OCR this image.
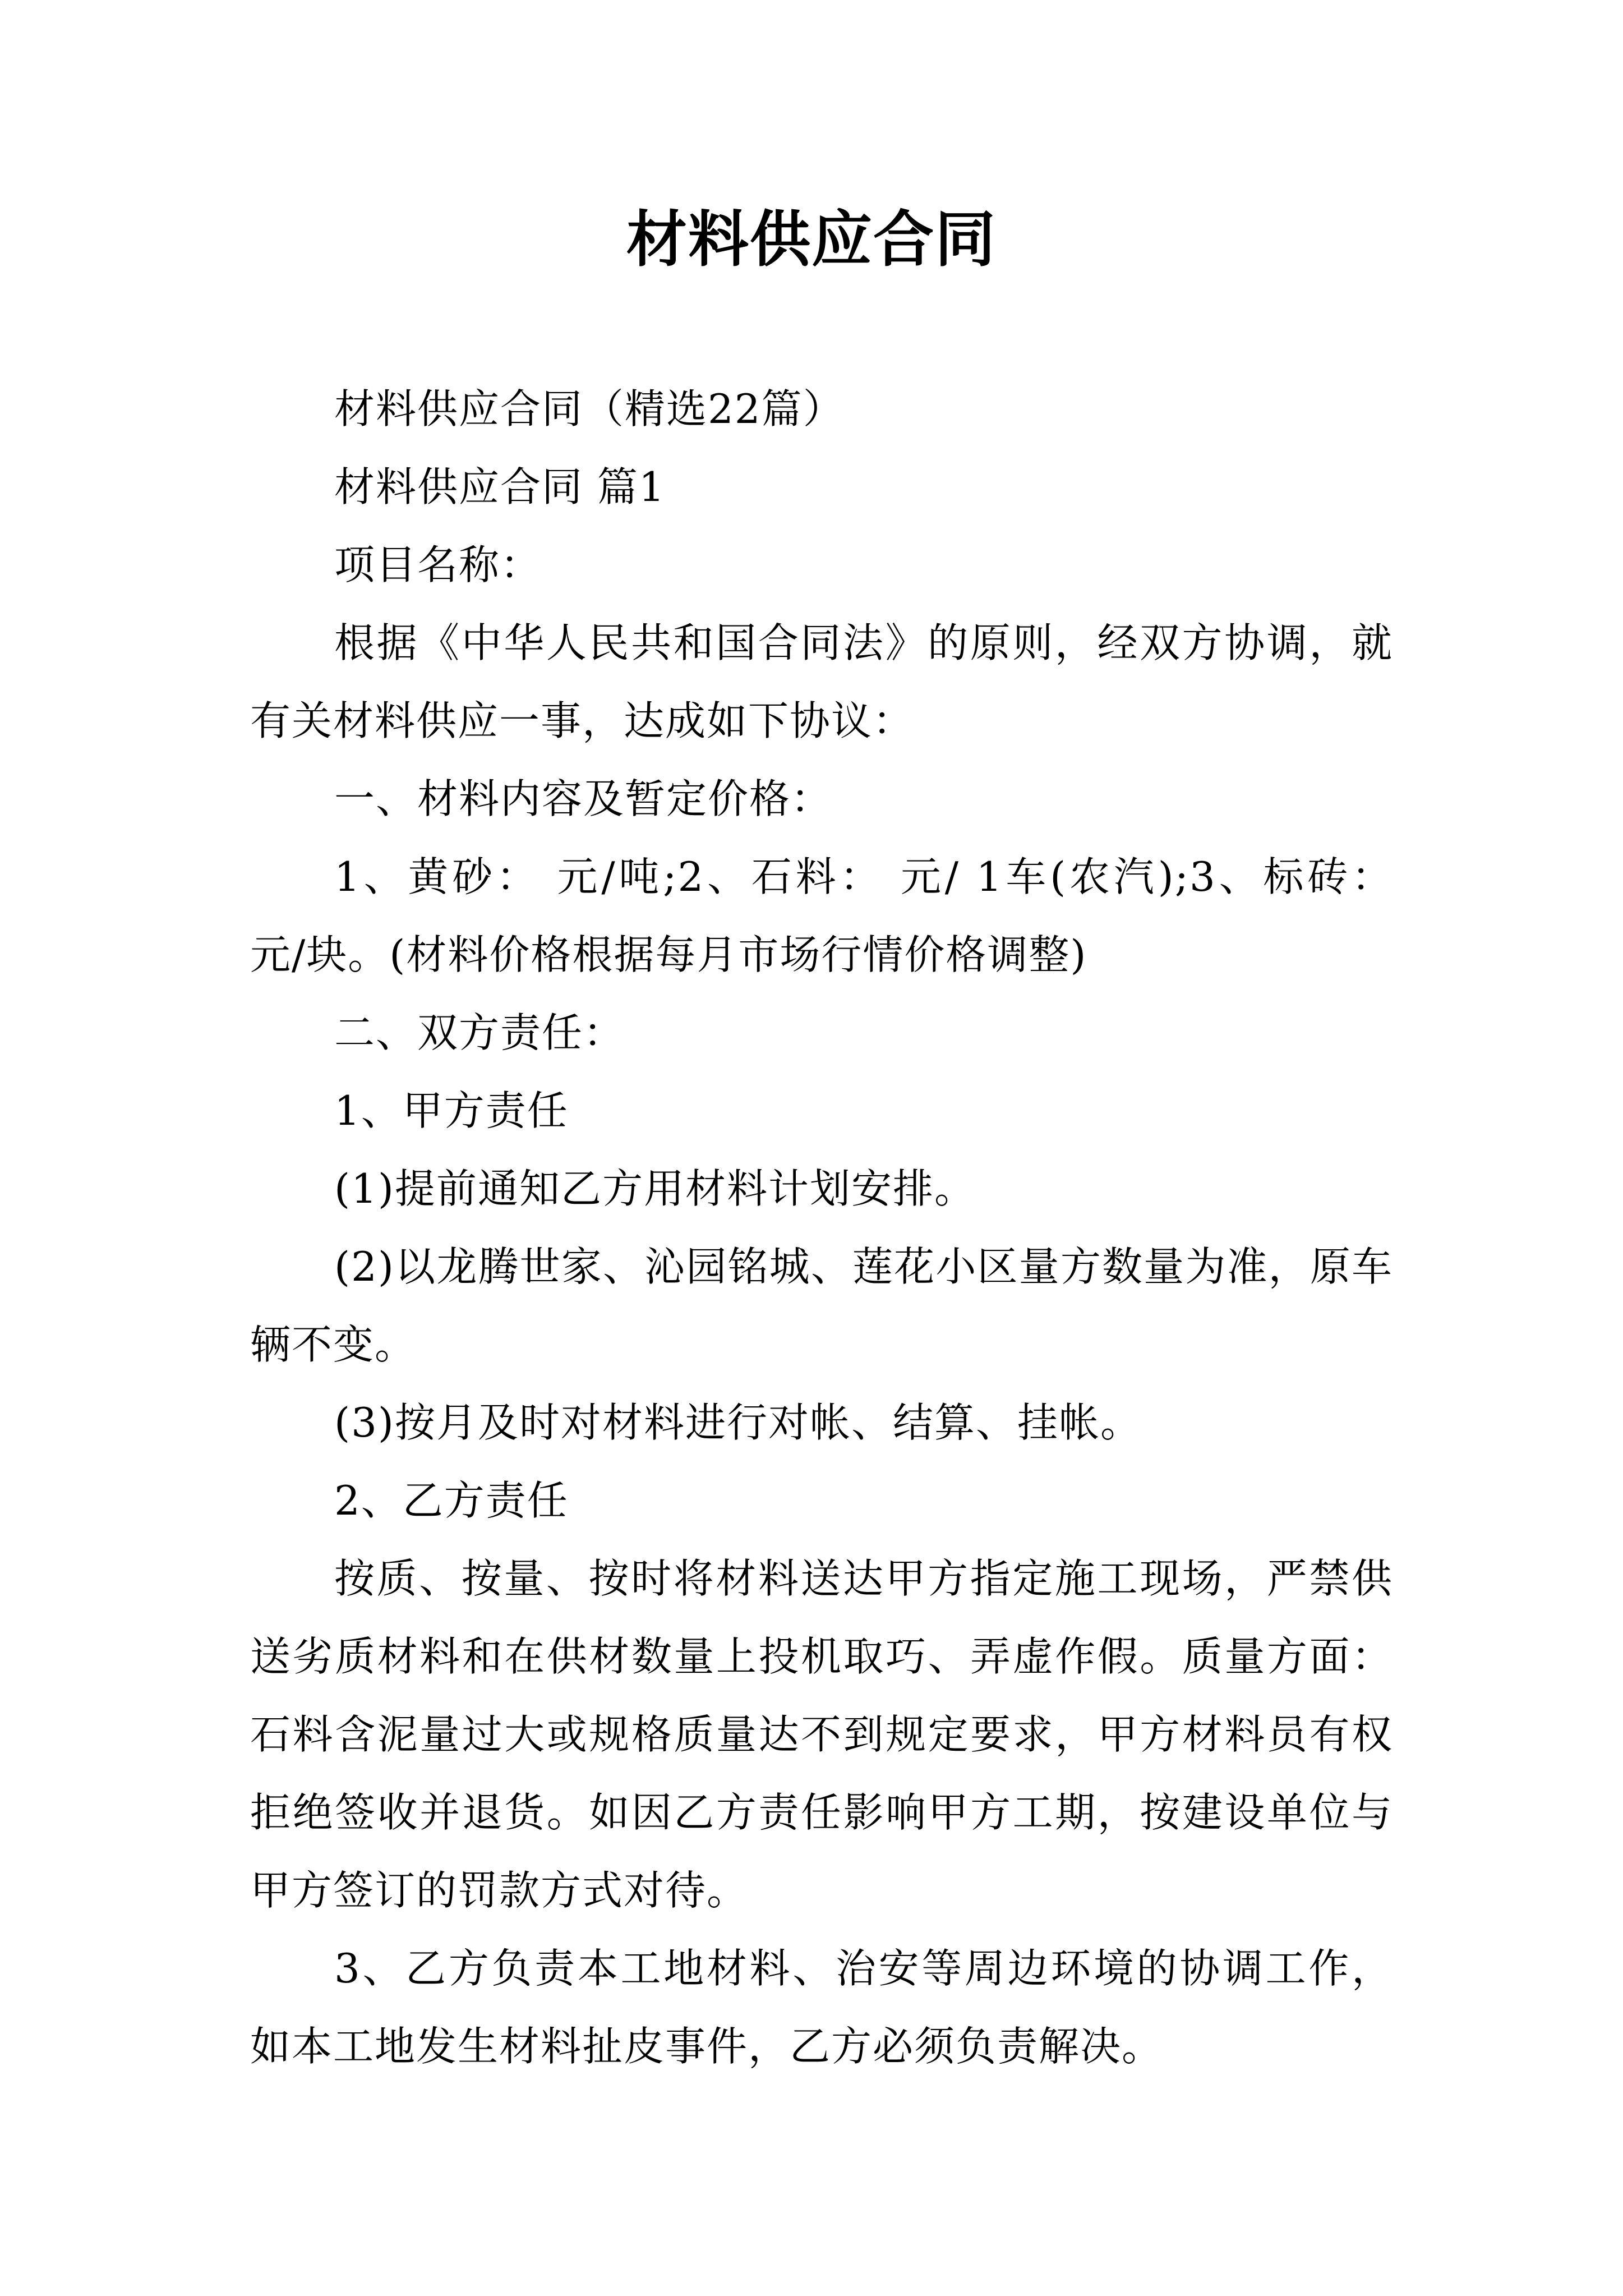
材料供应合同

材料供应合同（精选22篇）

材料供应合同 篇1

项目名称：

根据《中华人民共和国合同法》的原则，经双方协调，就有关材料供应一事，达成如下协议：

一、材料内容及暂定价格：

1、黄砂： 元/吨;2、石料： 元/ 1车(农汽);3、标砖： 元/块。(材料价格根据每月市场行情价格调整)

二、双方责任：

1、甲方责任

(1)提前通知乙方用材料计划安排。

(2)以龙腾世家、沁园铭城、莲花小区量方数量为准，原车辆不变。

(3)按月及时对材料进行对帐、结算、挂帐。

2、乙方责任

按质、按量、按时将材料送达甲方指定施工现场，严禁供送劣质材料和在供材数量上投机取巧、弄虚作假。质量方面：石料含泥量过大或规格质量达不到规定要求，甲方材料员有权拒绝签收并退货。如因乙方责任影响甲方工期，按建设单位与甲方签订的罚款方式对待。

3、乙方负责本工地材料、治安等周边环境的协调工作，如本工地发生材料扯皮事件，乙方必须负责解决。
